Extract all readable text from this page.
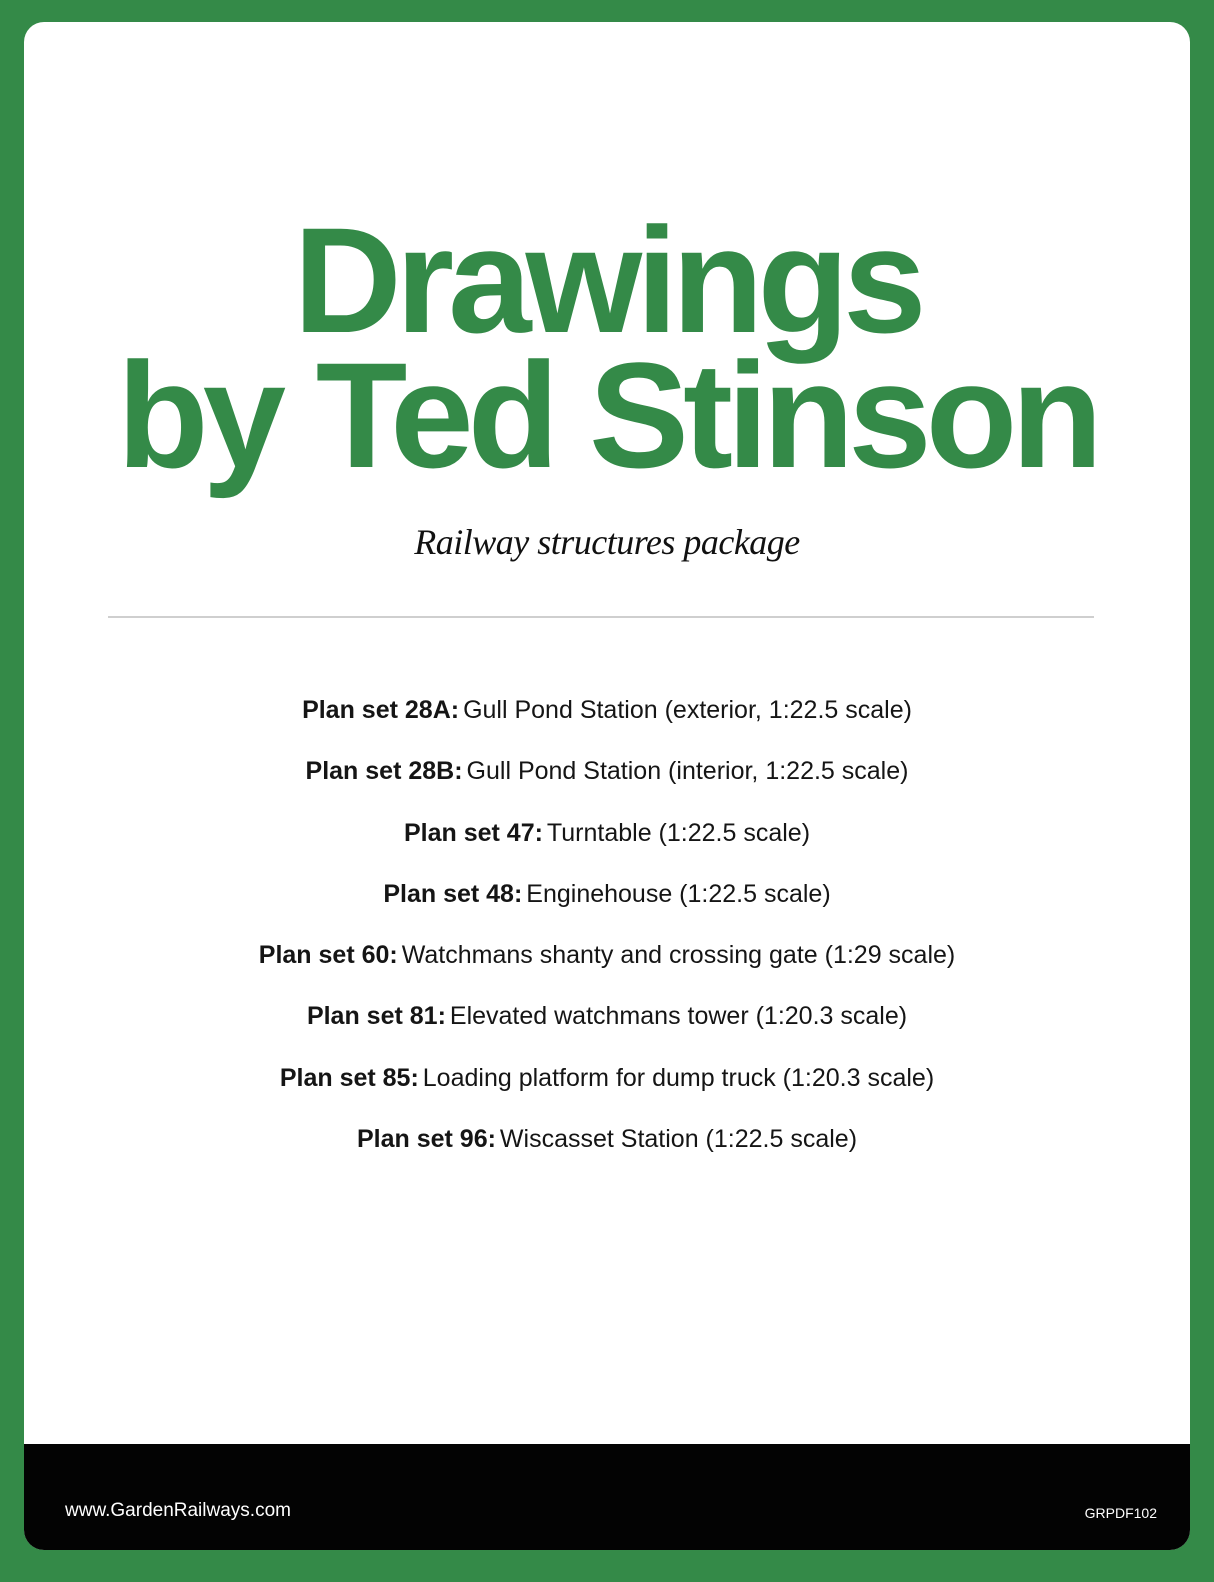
Drawings
by Ted Stinson
Railway structures package
Plan set 28A: Gull Pond Station (exterior, 1:22.5 scale)
Plan set 28B: Gull Pond Station (interior, 1:22.5 scale)
Plan set 47: Turntable (1:22.5 scale)
Plan set 48: Enginehouse (1:22.5 scale)
Plan set 60: Watchmans shanty and crossing gate (1:29 scale)
Plan set 81: Elevated watchmans tower (1:20.3 scale)
Plan set 85: Loading platform for dump truck (1:20.3 scale)
Plan set 96: Wiscasset Station (1:22.5 scale)
www.GardenRailways.com	GRPDF102
